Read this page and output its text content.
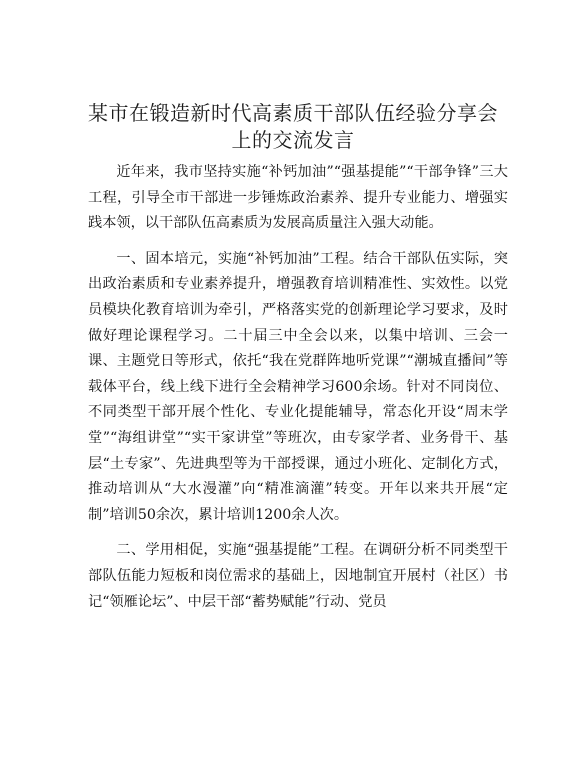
某市在锻造新时代高素质干部队伍经验分享会上的交流发言

近年来，我市坚持实施“补钙加油”“强基提能”“干部争锋”三大工程，引导全市干部进一步锤炼政治素养、提升专业能力、增强实践本领，以干部队伍高素质为发展高质量注入强大动能。

一、固本培元，实施“补钙加油”工程。结合干部队伍实际，突出政治素质和专业素养提升，增强教育培训精准性、实效性。以党员模块化教育培训为牵引，严格落实党的创新理论学习要求，及时做好理论课程学习。二十届三中全会以来，以集中培训、三会一课、主题党日等形式，依托“我在党群阵地听党课”“潮城直播间”等载体平台，线上线下进行全会精神学习600余场。针对不同岗位、不同类型干部开展个性化、专业化提能辅导，常态化开设“周末学堂”“海组讲堂”“实干家讲堂”等班次，由专家学者、业务骨干、基层“土专家”、先进典型等为干部授课，通过小班化、定制化方式，推动培训从“大水漫灌”向“精准滴灌”转变。开年以来共开展“定制”培训50余次，累计培训1200余人次。

二、学用相促，实施“强基提能”工程。在调研分析不同类型干部队伍能力短板和岗位需求的基础上，因地制宜开展村（社区）书记“领雁论坛”、中层干部“蓄势赋能”行动、党员
